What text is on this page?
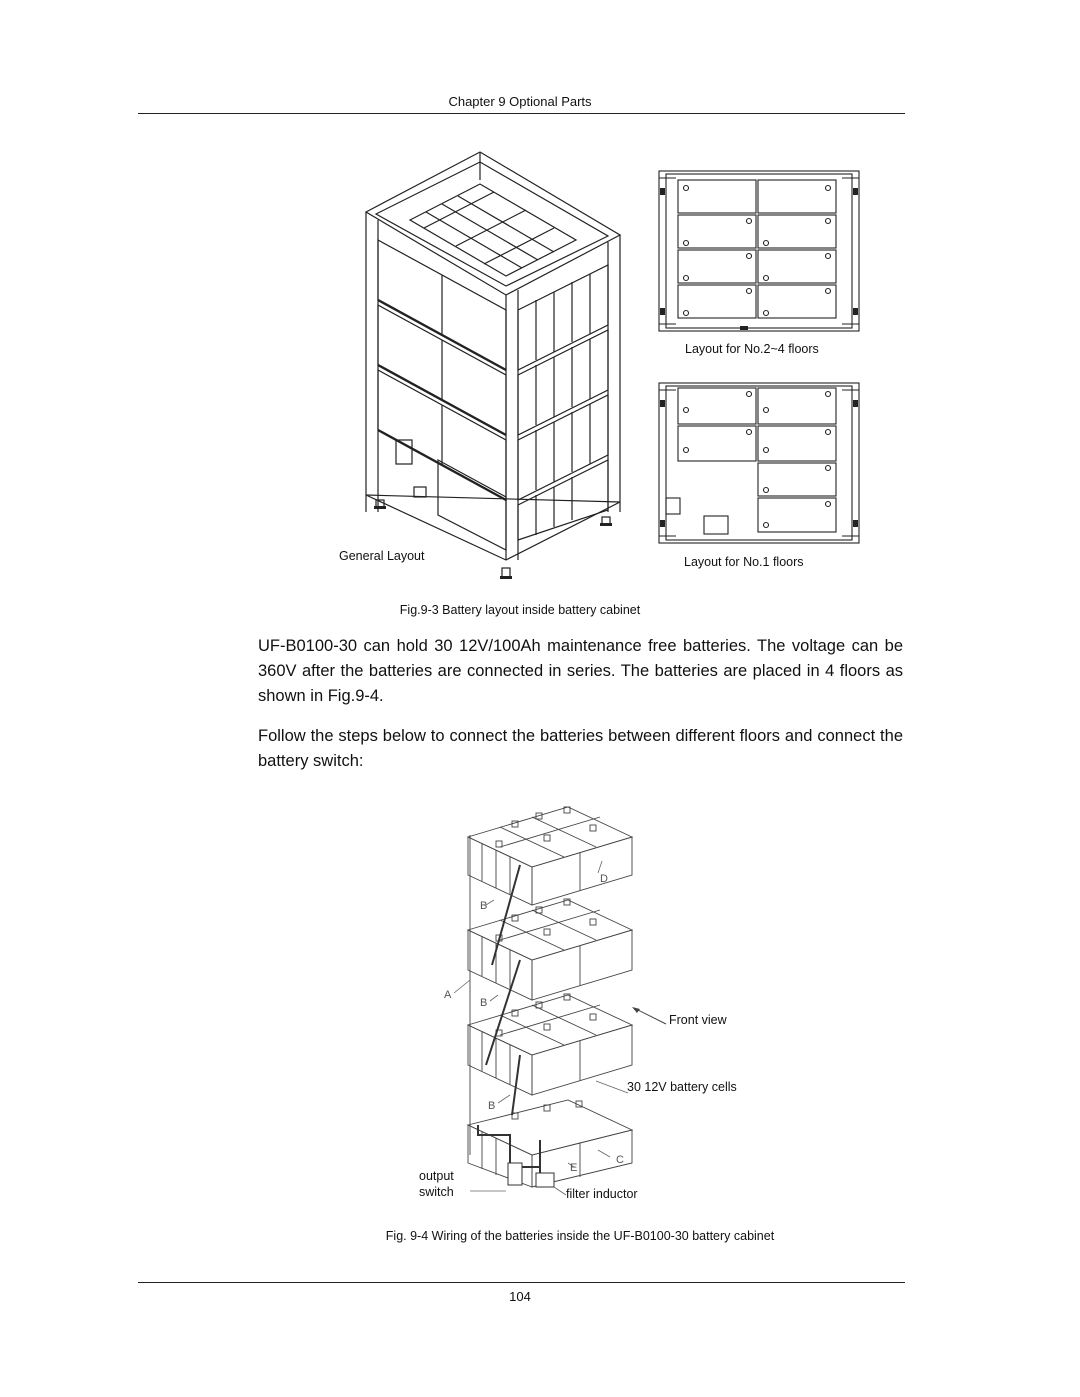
Chapter 9 Optional Parts
General Layout
Layout for No.2~4 floors
Layout for No.1 floors
Fig.9-3 Battery layout inside battery cabinet
UF-B0100-30 can hold 30 12V/100Ah maintenance free batteries. The voltage can be 360V after the batteries are connected in series. The batteries are placed in 4 floors as shown in Fig.9-4.
Follow the steps below to connect the batteries between different floors and connect the battery switch:
A
B
B
B
D
C
E
Front view
30 12V battery cells
output
switch	filter inductor
Fig. 9-4 Wiring of the batteries inside the UF-B0100-30 battery cabinet
104
